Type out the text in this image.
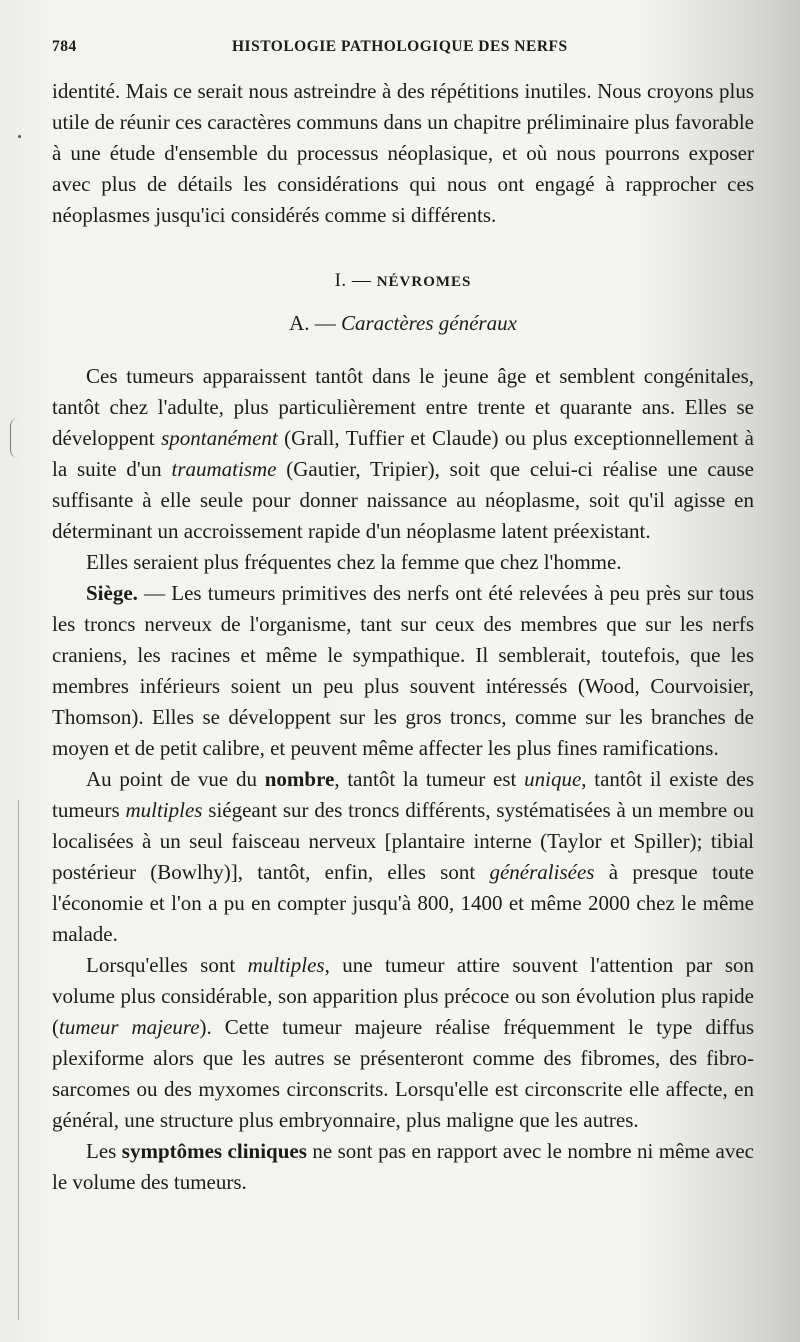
784	HISTOLOGIE PATHOLOGIQUE DES NERFS

identité. Mais ce serait nous astreindre à des répétitions inutiles. Nous croyons plus utile de réunir ces caractères communs dans un chapitre préliminaire plus favorable à une étude d'ensemble du processus néoplasique, et où nous pourrons exposer avec plus de détails les considérations qui nous ont engagé à rapprocher ces néoplasmes jusqu'ici considérés comme si différents.

I. — NÉVROMES
A. — Caractères généraux

Ces tumeurs apparaissent tantôt dans le jeune âge et semblent congénitales, tantôt chez l'adulte, plus particulièrement entre trente et quarante ans. Elles se développent spontanément (Grall, Tuffier et Claude) ou plus exceptionnellement à la suite d'un traumatisme (Gautier, Tripier), soit que celui-ci réalise une cause suffisante à elle seule pour donner naissance au néoplasme, soit qu'il agisse en déterminant un accroissement rapide d'un néoplasme latent préexistant.

Elles seraient plus fréquentes chez la femme que chez l'homme.

Siège. — Les tumeurs primitives des nerfs ont été relevées à peu près sur tous les troncs nerveux de l'organisme, tant sur ceux des membres que sur les nerfs craniens, les racines et même le sympathique. Il semblerait, toutefois, que les membres inférieurs soient un peu plus souvent intéressés (Wood, Courvoisier, Thomson). Elles se développent sur les gros troncs, comme sur les branches de moyen et de petit calibre, et peuvent même affecter les plus fines ramifications.

Au point de vue du nombre, tantôt la tumeur est unique, tantôt il existe des tumeurs multiples siégeant sur des troncs différents, systématisées à un membre ou localisées à un seul faisceau nerveux [plantaire interne (Taylor et Spiller); tibial postérieur (Bowlhy)], tantôt, enfin, elles sont généralisées à presque toute l'économie et l'on a pu en compter jusqu'à 800, 1400 et même 2000 chez le même malade.

Lorsqu'elles sont multiples, une tumeur attire souvent l'attention par son volume plus considérable, son apparition plus précoce ou son évolution plus rapide (tumeur majeure). Cette tumeur majeure réalise fréquemment le type diffus plexiforme alors que les autres se présenteront comme des fibromes, des fibro-sarcomes ou des myxomes circonscrits. Lorsqu'elle est circonscrite elle affecte, en général, une structure plus embryonnaire, plus maligne que les autres.

Les symptômes cliniques ne sont pas en rapport avec le nombre ni même avec le volume des tumeurs.
